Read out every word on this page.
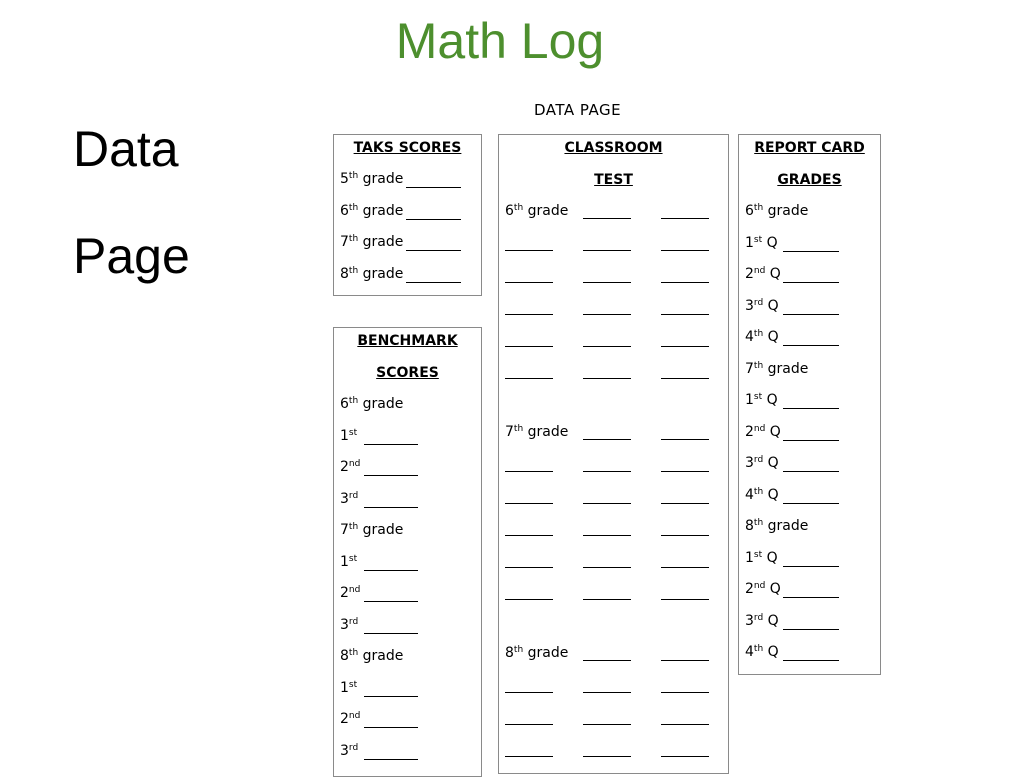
Math Log
Data
Page
DATA PAGE
TAKS SCORES
5th grade
6th grade
7th grade
8th grade
BENCHMARK
SCORES
6th grade
1st
2nd
3rd
7th grade
1st
2nd
3rd
8th grade
1st
2nd
3rd
CLASSROOM
TEST
6th grade
7th grade
8th grade
REPORT CARD
GRADES
6th grade
1st Q
2nd Q
3rd Q
4th Q
7th grade
1st Q
2nd Q
3rd Q
4th Q
8th grade
1st Q
2nd Q
3rd Q
4th Q
